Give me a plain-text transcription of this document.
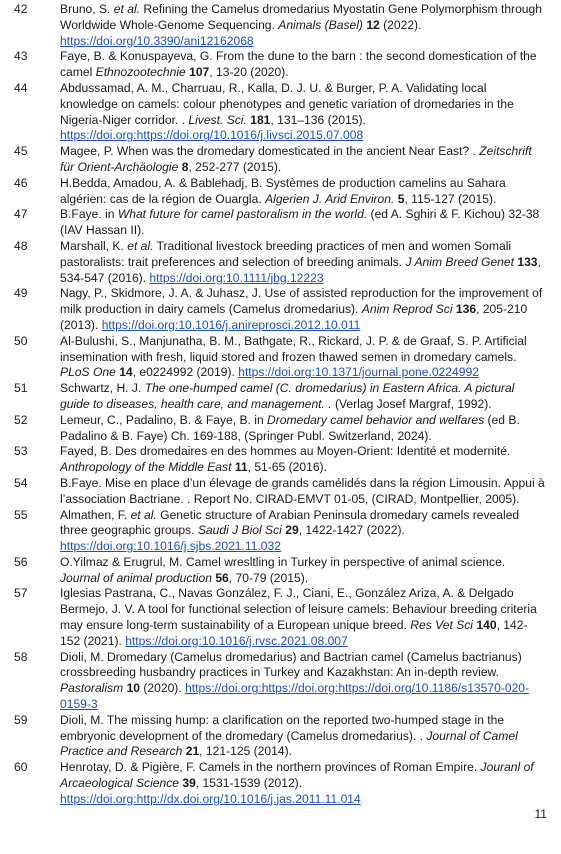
42	Bruno, S. et al. Refining the Camelus dromedarius Myostatin Gene Polymorphism through Worldwide Whole-Genome Sequencing. Animals (Basel) 12 (2022). https://doi.org/10.3390/ani12162068
43	Faye, B. & Konuspayeva, G. From the dune to the barn : the second domestication of the camel Ethnozootechnie 107, 13-20 (2020).
44	Abdussamad, A. M., Charruau, R., Kalla, D. J. U. & Burger, P. A. Validating local knowledge on camels: colour phenotypes and genetic variation of dromedaries in the Nigeria-Niger corridor. . Livest. Sci. 181, 131–136 (2015). https://doi.org:https://doi.org/10.1016/j.livsci.2015.07.008
45	Magee, P. When was the dromedary domesticated in the ancient Near East? . Zeitschrift für Orient-Archäologie 8, 252-277 (2015).
46	H.Bedda, Amadou, A. & Bablehadj, B. Systèmes de production camelins au Sahara algérien: cas de la région de Ouargla. Algerien J. Arid Environ. 5, 115-127 (2015).
47	B.Faye. in What future for camel pastoralism in the world. (ed A. Sghiri & F. Kichou) 32-38 (IAV Hassan II).
48	Marshall, K. et al. Traditional livestock breeding practices of men and women Somali pastoralists: trait preferences and selection of breeding animals. J Anim Breed Genet 133, 534-547 (2016). https://doi.org:10.1111/jbg.12223
49	Nagy, P., Skidmore, J. A. & Juhasz, J. Use of assisted reproduction for the improvement of milk production in dairy camels (Camelus dromedarius). Anim Reprod Sci 136, 205-210 (2013). https://doi.org:10.1016/j.anireprosci.2012.10.011
50	Al-Bulushi, S., Manjunatha, B. M., Bathgate, R., Rickard, J. P. & de Graaf, S. P. Artificial insemination with fresh, liquid stored and frozen thawed semen in dromedary camels. PLoS One 14, e0224992 (2019). https://doi.org:10.1371/journal.pone.0224992
51	Schwartz, H. J. The one-humped camel (C. dromedarius) in Eastern Africa. A pictural guide to diseases, health care, and management. . (Verlag Josef Margraf, 1992).
52	Lemeur, C., Padalino, B. & Faye, B. in Dromedary camel behavior and welfares (ed B. Padalino & B. Faye) Ch. 169-188, (Springer Publ. Switzerland, 2024).
53	Fayed, B. Des dromedaires en des hommes au Moyen-Orient: Identité et modernité. Anthropology of the Middle East 11, 51-65 (2016).
54	B.Faye. Mise en place d’un élevage de grands camélidés dans la région Limousin. Appui à l’association Bactriane. . Report No. CIRAD-EMVT 01-05, (CIRAD, Montpellier, 2005).
55	Almathen, F. et al. Genetic structure of Arabian Peninsula dromedary camels revealed three geographic groups. Saudi J Biol Sci 29, 1422-1427 (2022). https://doi.org:10.1016/j.sjbs.2021.11.032
56	O.Yilmaz & Erugrul, M. Camel wresltling in Turkey in perspective of animal science. Journal of animal production 56, 70-79 (2015).
57	Iglesias Pastrana, C., Navas González, F. J., Ciani, E., González Ariza, A. & Delgado Bermejo, J. V. A tool for functional selection of leisure camels: Behaviour breeding criteria may ensure long-term sustainability of a European unique breed. Res Vet Sci 140, 142-152 (2021). https://doi.org:10.1016/j.rvsc.2021.08.007
58	Dioli, M. Dromedary (Camelus dromedarius) and Bactrian camel (Camelus bactrianus) crossbreeding husbandry practices in Turkey and Kazakhstan: An in-depth review. Pastoralism 10 (2020). https://doi.org:https://doi.org:https://doi.org/10.1186/s13570-020-0159-3
59	Dioli, M. The missing hump: a clarification on the reported two-humped stage in the embryonic development of the dromedary (Camelus dromedarius). . Journal of Camel Practice and Research 21, 121-125 (2014).
60	Henrotay, D. & Pigière, F. Camels in the northern provinces of Roman Empire. Jouranl of Arcaeological Science 39, 1531-1539 (2012). https://doi.org:http://dx.doi.org/10.1016/j.jas.2011.11.014
11
